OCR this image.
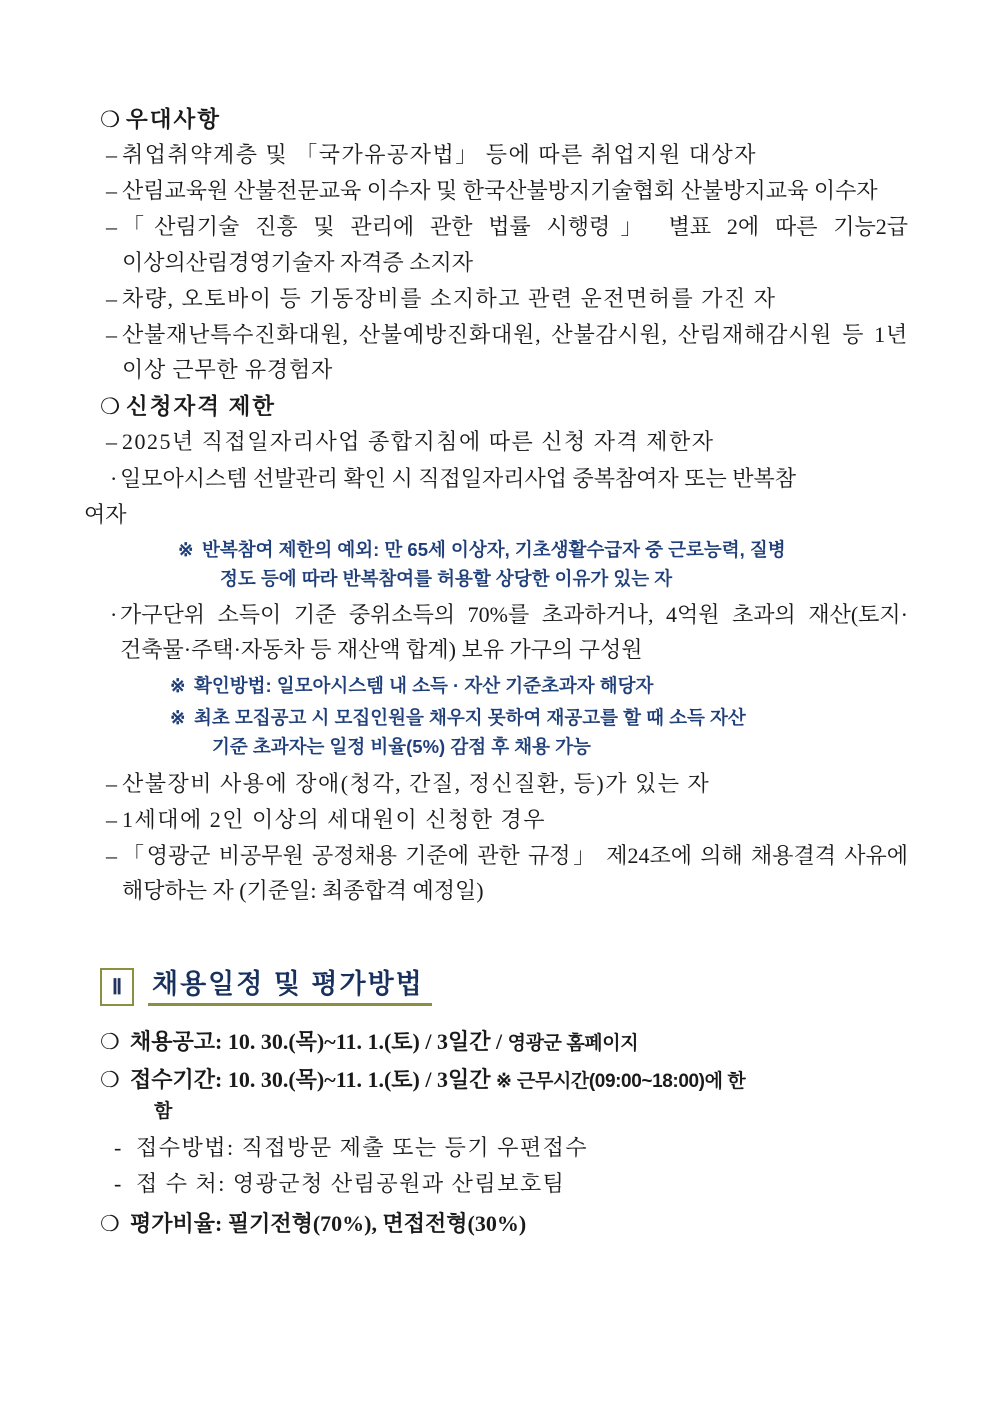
❍ 우대사항
– 취업취약계층 및 「국가유공자법」 등에 따른 취업지원 대상자
– 산림교육원 산불전문교육 이수자 및 한국산불방지기술협회 산불방지교육 이수자
– 「산림기술 진흥 및 관리에 관한 법률 시행령」 별표 2에 따른 기능2급 이상의산림경영기술자 자격증 소지자
– 차량, 오토바이 등 기동장비를 소지하고 관련 운전면허를 가진 자
– 산불재난특수진화대원, 산불예방진화대원, 산불감시원, 산림재해감시원 등 1년 이상 근무한 유경험자
❍ 신청자격 제한
– 2025년 직접일자리사업 종합지침에 따른 신청 자격 제한자
· 일모아시스템 선발관리 확인 시 직접일자리사업 중복참여자 또는 반복참
여자
※ 반복참여 제한의 예외: 만 65세 이상자, 기초생활수급자 중 근로능력, 질병
정도 등에 따라 반복참여를 허용할 상당한 이유가 있는 자
· 가구단위 소득이 기준 중위소득의 70%를 초과하거나, 4억원 초과의 재산(토지·건축물·주택·자동차 등 재산액 합계) 보유 가구의 구성원
※ 확인방법: 일모아시스템 내 소득 · 자산 기준초과자 해당자
※ 최초 모집공고 시 모집인원을 채우지 못하여 재공고를 할 때 소득 자산
기준 초과자는 일정 비율(5%) 감점 후 채용 가능
– 산불장비 사용에 장애(청각, 간질, 정신질환, 등)가 있는 자
– 1세대에 2인 이상의 세대원이 신청한 경우
– 「영광군 비공무원 공정채용 기준에 관한 규정」 제24조에 의해 채용결격 사유에 해당하는 자 (기준일: 최종합격 예정일)
Ⅱ	채용일정 및 평가방법
❍ 채용공고: 10. 30.(목)~11. 1.(토) / 3일간 / 영광군 홈페이지
❍ 접수기간: 10. 30.(목)~11. 1.(토) / 3일간 ※ 근무시간(09:00~18:00)에 한
함
- 접수방법: 직접방문 제출 또는 등기 우편접수
- 접 수 처: 영광군청 산림공원과 산림보호팀
❍ 평가비율: 필기전형(70%), 면접전형(30%)
